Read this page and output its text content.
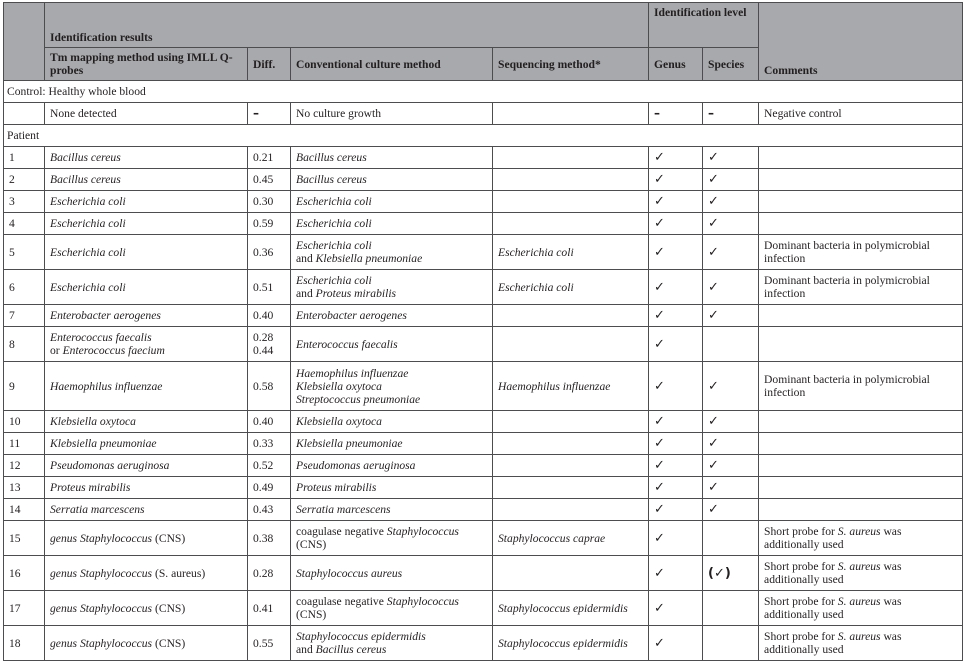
	Identification results				Identification level		Comments
	Tm mapping method using IMLL Q-probes	Diff.	Conventional culture method	Sequencing method*	Genus	Species	
Control: Healthy whole blood							
	None detected	–	No culture growth		–	–	Negative control
Patient							
1	Bacillus cereus	0.21	Bacillus cereus		✓	✓	
2	Bacillus cereus	0.45	Bacillus cereus		✓	✓	
3	Escherichia coli	0.30	Escherichia coli		✓	✓	
4	Escherichia coli	0.59	Escherichia coli		✓	✓	
5	Escherichia coli	0.36	Escherichia coli
and Klebsiella pneumoniae	Escherichia coli	✓	✓	Dominant bacteria in polymicrobial infection
6	Escherichia coli	0.51	Escherichia coli
and Proteus mirabilis	Escherichia coli	✓	✓	Dominant bacteria in polymicrobial infection
7	Enterobacter aerogenes	0.40	Enterobacter aerogenes		✓	✓	
8	Enterococcus faecalis
or Enterococcus faecium	0.28
0.44	Enterococcus faecalis		✓		
9	Haemophilus influenzae	0.58	Haemophilus influenzae
Klebsiella oxytoca
Streptococcus pneumoniae	Haemophilus influenzae	✓	✓	Dominant bacteria in polymicrobial infection
10	Klebsiella oxytoca	0.40	Klebsiella oxytoca		✓	✓	
11	Klebsiella pneumoniae	0.33	Klebsiella pneumoniae		✓	✓	
12	Pseudomonas aeruginosa	0.52	Pseudomonas aeruginosa		✓	✓	
13	Proteus mirabilis	0.49	Proteus mirabilis		✓	✓	
14	Serratia marcescens	0.43	Serratia marcescens		✓	✓	
15	genus Staphylococcus (CNS)	0.38	coagulase negative Staphylococcus
(CNS)	Staphylococcus caprae	✓		Short probe for S. aureus was additionally used
16	genus Staphylococcus (S. aureus)	0.28	Staphylococcus aureus		✓	(✓)	Short probe for S. aureus was additionally used
17	genus Staphylococcus (CNS)	0.41	coagulase negative Staphylococcus
(CNS)	Staphylococcus epidermidis	✓		Short probe for S. aureus was additionally used
18	genus Staphylococcus (CNS)	0.55	Staphylococcus epidermidis
and Bacillus cereus	Staphylococcus epidermidis	✓		Short probe for S. aureus was additionally used
